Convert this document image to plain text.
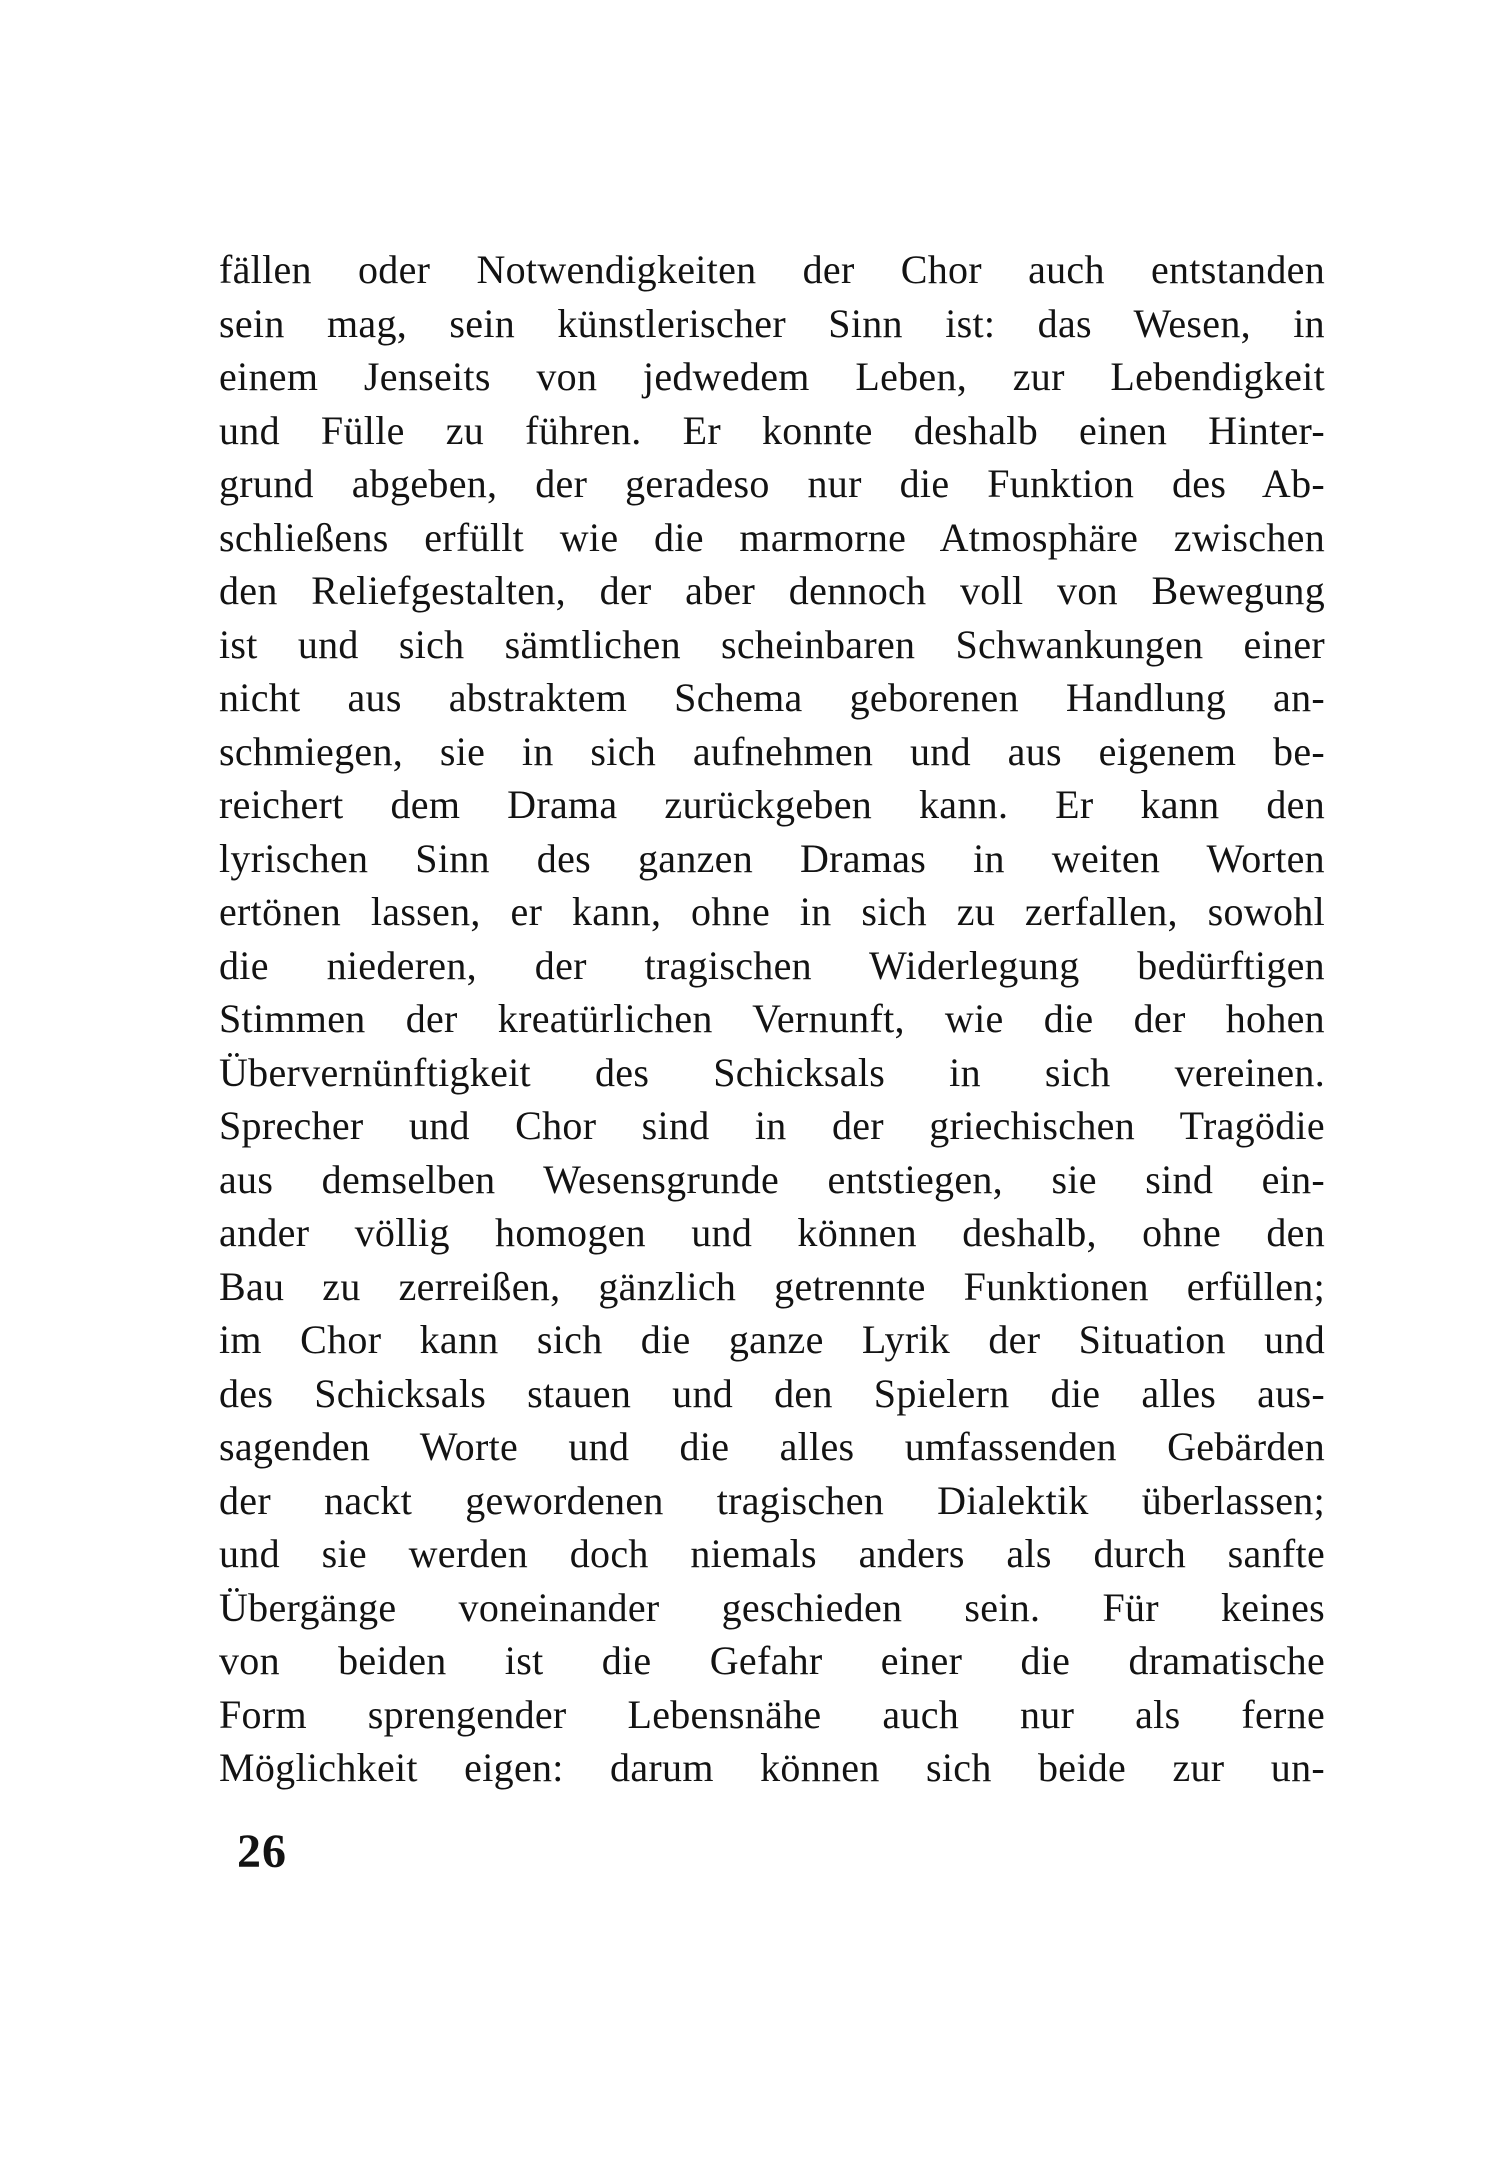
fällen oder Notwendigkeiten der Chor auch entstanden
sein mag, sein künstlerischer Sinn ist: das Wesen, in
einem Jenseits von jedwedem Leben, zur Lebendigkeit
und Fülle zu führen. Er konnte deshalb einen Hinter-
grund abgeben, der geradeso nur die Funktion des Ab-
schließens erfüllt wie die marmorne Atmosphäre zwischen
den Reliefgestalten, der aber dennoch voll von Bewegung
ist und sich sämtlichen scheinbaren Schwankungen einer
nicht aus abstraktem Schema geborenen Handlung an-
schmiegen, sie in sich aufnehmen und aus eigenem be-
reichert dem Drama zurückgeben kann. Er kann den
lyrischen Sinn des ganzen Dramas in weiten Worten
ertönen lassen, er kann, ohne in sich zu zerfallen, sowohl
die niederen, der tragischen Widerlegung bedürftigen
Stimmen der kreatürlichen Vernunft, wie die der hohen
Übervernünftigkeit des Schicksals in sich vereinen.
Sprecher und Chor sind in der griechischen Tragödie
aus demselben Wesensgrunde entstiegen, sie sind ein-
ander völlig homogen und können deshalb, ohne den
Bau zu zerreißen, gänzlich getrennte Funktionen erfüllen;
im Chor kann sich die ganze Lyrik der Situation und
des Schicksals stauen und den Spielern die alles aus-
sagenden Worte und die alles umfassenden Gebärden
der nackt gewordenen tragischen Dialektik überlassen;
und sie werden doch niemals anders als durch sanfte
Übergänge voneinander geschieden sein. Für keines
von beiden ist die Gefahr einer die dramatische
Form sprengender Lebensnähe auch nur als ferne
Möglichkeit eigen: darum können sich beide zur un-
26
